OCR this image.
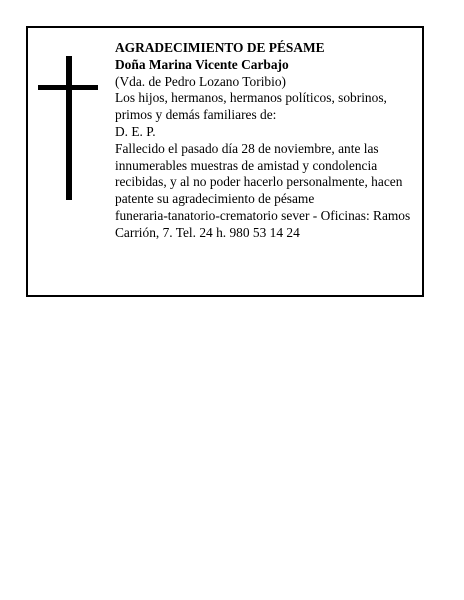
AGRADECIMIENTO DE PÉSAME

Doña Marina Vicente Carbajo

(Vda. de Pedro Lozano Toribio)

Los hijos, hermanos, hermanos políticos, sobrinos, primos y demás familiares de:

D. E. P.

Fallecido el pasado día 28 de noviembre, ante las innumerables muestras de amistad y condolencia recibidas, y al no poder hacerlo personalmente, hacen patente su agradecimiento de pésame

funeraria-tanatorio-crematorio sever - Oficinas: Ramos Carrión, 7. Tel. 24 h. 980 53 14 24
